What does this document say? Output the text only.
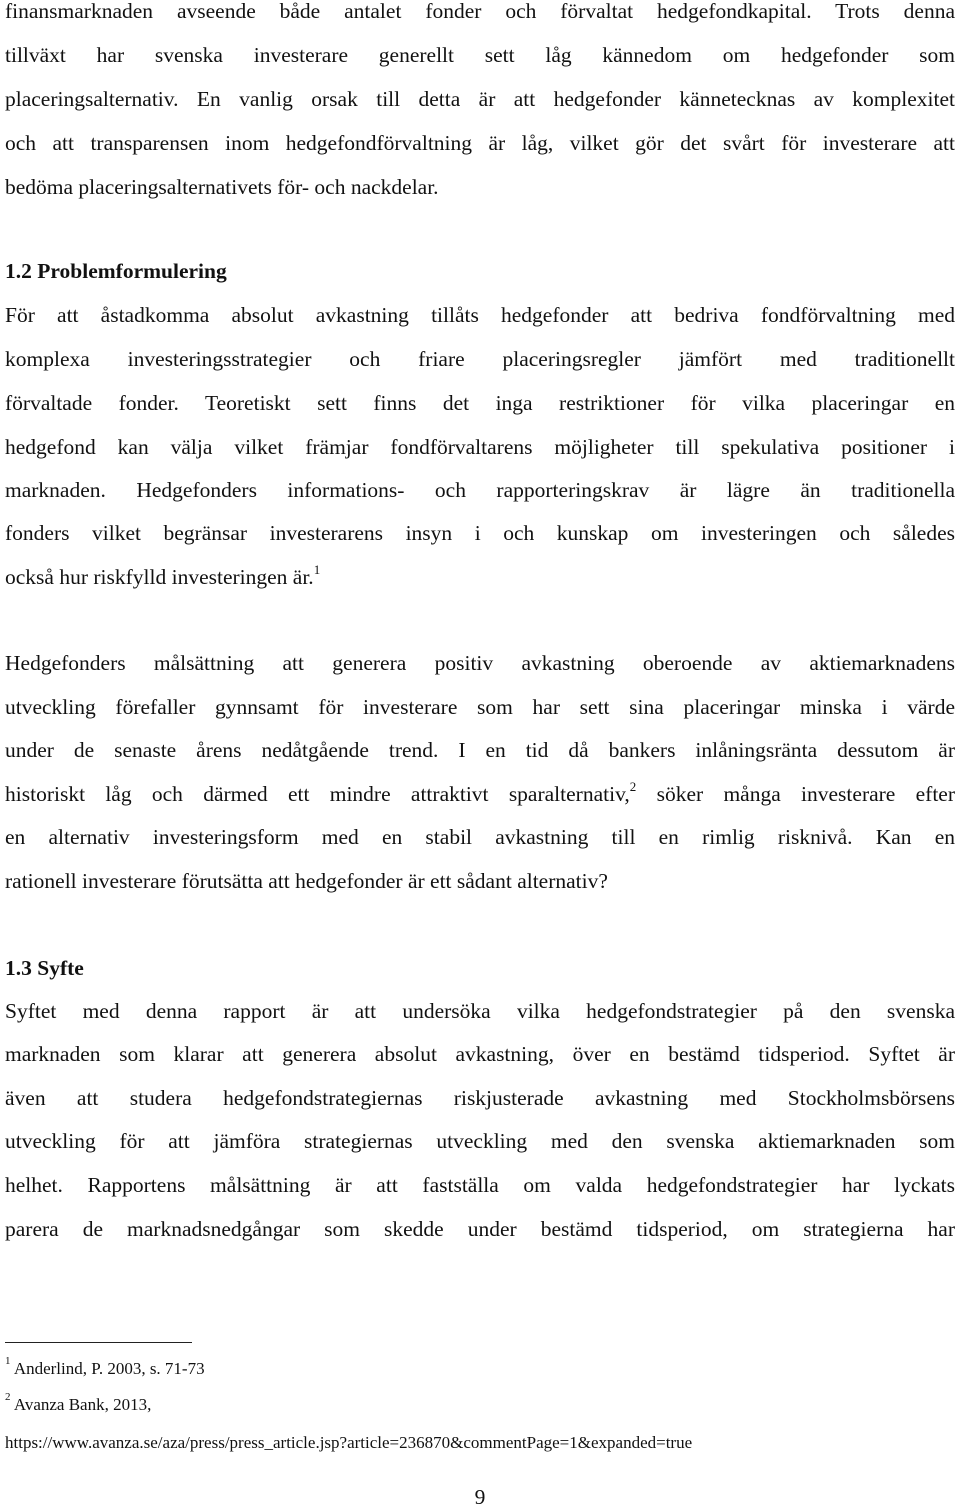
finansmarknaden avseende både antalet fonder och förvaltat hedgefondkapital. Trots denna
tillväxt har svenska investerare generellt sett låg kännedom om hedgefonder som
placeringsalternativ. En vanlig orsak till detta är att hedgefonder kännetecknas av komplexitet
och att transparensen inom hedgefondförvaltning är låg, vilket gör det svårt för investerare att
bedöma placeringsalternativets för- och nackdelar.
1.2 Problemformulering
För att åstadkomma absolut avkastning tillåts hedgefonder att bedriva fondförvaltning med
komplexa investeringsstrategier och friare placeringsregler jämfört med traditionellt
förvaltade fonder. Teoretiskt sett finns det inga restriktioner för vilka placeringar en
hedgefond kan välja vilket främjar fondförvaltarens möjligheter till spekulativa positioner i
marknaden. Hedgefonders informations- och rapporteringskrav är lägre än traditionella
fonders vilket begränsar investerarens insyn i och kunskap om investeringen och således
också hur riskfylld investeringen är.$^1$
Hedgefonders målsättning att generera positiv avkastning oberoende av aktiemarknadens
utveckling förefaller gynnsamt för investerare som har sett sina placeringar minska i värde
under de senaste årens nedåtgående trend. I en tid då bankers inlåningsränta dessutom är
historiskt låg och därmed ett mindre attraktivt sparalternativ,$^2$ söker många investerare efter
en alternativ investeringsform med en stabil avkastning till en rimlig risknivå. Kan en
rationell investerare förutsätta att hedgefonder är ett sådant alternativ?
1.3 Syfte
Syftet med denna rapport är att undersöka vilka hedgefondstrategier på den svenska
marknaden som klarar att generera absolut avkastning, över en bestämd tidsperiod. Syftet är
även att studera hedgefondstrategiernas riskjusterade avkastning med Stockholmsbörsens
utveckling för att jämföra strategiernas utveckling med den svenska aktiemarknaden som
helhet. Rapportens målsättning är att fastställa om valda hedgefondstrategier har lyckats
parera de marknadsnedgångar som skedde under bestämd tidsperiod, om strategierna har
$^1$ Anderlind, P. 2003, s. 71-73
$^2$ Avanza Bank, 2013,
https://www.avanza.se/aza/press/press_article.jsp?article=236870&commentPage=1&expanded=true
9
